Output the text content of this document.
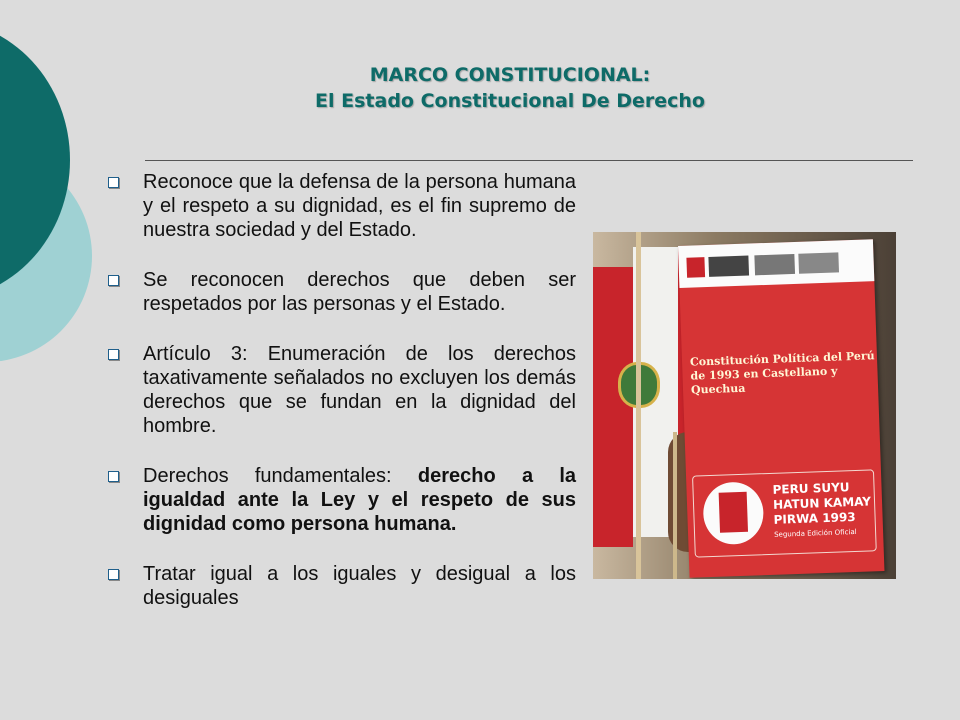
MARCO CONSTITUCIONAL:
El Estado Constitucional De Derecho
Reconoce que la defensa de la persona humana y el respeto a su dignidad, es el fin supremo de nuestra sociedad y del Estado.
Se reconocen derechos que deben ser respetados por las personas y el Estado.
Artículo 3: Enumeración de los derechos taxativamente señalados no excluyen los demás derechos que se fundan en la dignidad del hombre.
Derechos fundamentales: derecho a la igualdad ante la Ley y el respeto de sus dignidad como persona humana.
Tratar igual a los iguales y desigual a los desiguales
Constitución Política del Perú de 1993 en Castellano y Quechua
PERU SUYU HATUN KAMAY PIRWA 1993
Segunda Edición Oficial
